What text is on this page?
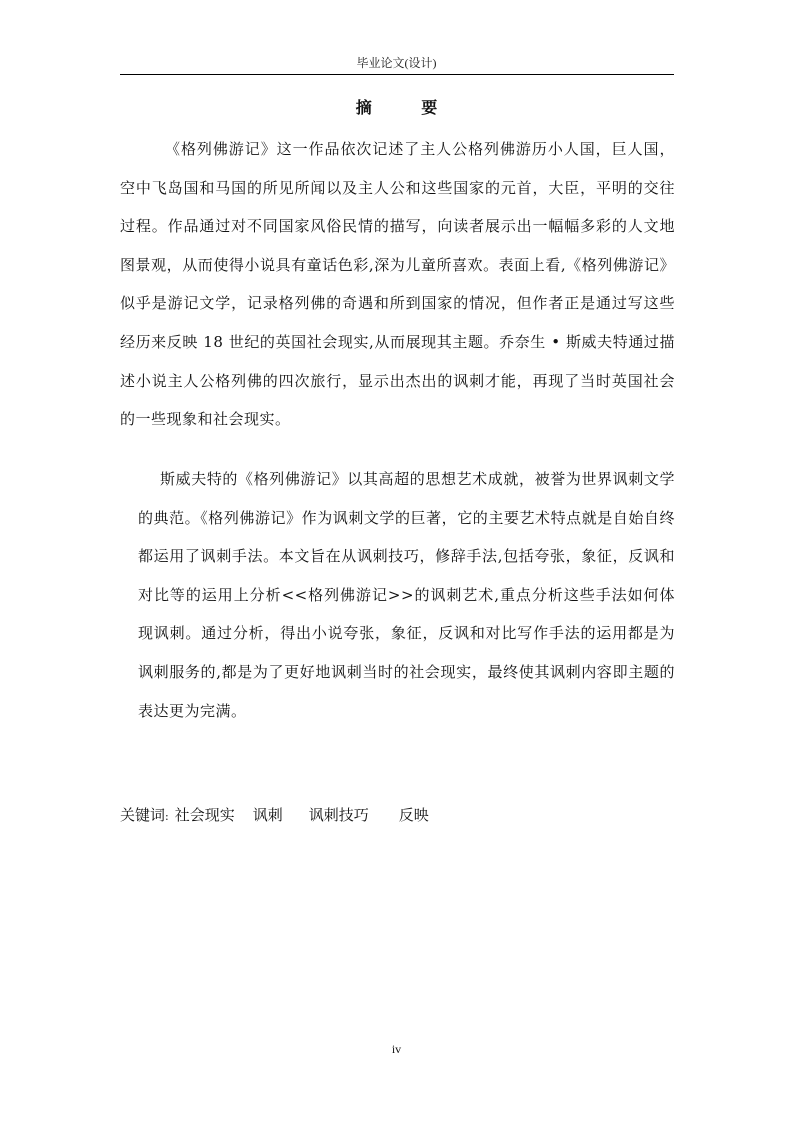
毕业论文(设计)
摘 要

《格列佛游记》这一作品依次记述了主人公格列佛游历小人国，巨人国，空中飞岛国和马国的所见所闻以及主人公和这些国家的元首，大臣，平明的交往过程。作品通过对不同国家风俗民情的描写，向读者展示出一幅幅多彩的人文地图景观，从而使得小说具有童话色彩,深为儿童所喜欢。表面上看,《格列佛游记》似乎是游记文学，记录格列佛的奇遇和所到国家的情况，但作者正是通过写这些经历来反映 18 世纪的英国社会现实,从而展现其主题。乔奈生 • 斯威夫特通过描述小说主人公格列佛的四次旅行，显示出杰出的讽刺才能，再现了当时英国社会的一些现象和社会现实。

斯威夫特的《格列佛游记》以其高超的思想艺术成就，被誉为世界讽刺文学的典范。《格列佛游记》作为讽刺文学的巨著，它的主要艺术特点就是自始自终都运用了讽刺手法。本文旨在从讽刺技巧，修辞手法,包括夸张，象征，反讽和对比等的运用上分析<<格列佛游记>>的讽刺艺术,重点分析这些手法如何体现讽刺。通过分析，得出小说夸张，象征，反讽和对比写作手法的运用都是为讽刺服务的,都是为了更好地讽刺当时的社会现实，最终使其讽刺内容即主题的表达更为完满。

关键词: 社会现实 讽刺 讽刺技巧 反映
iv
